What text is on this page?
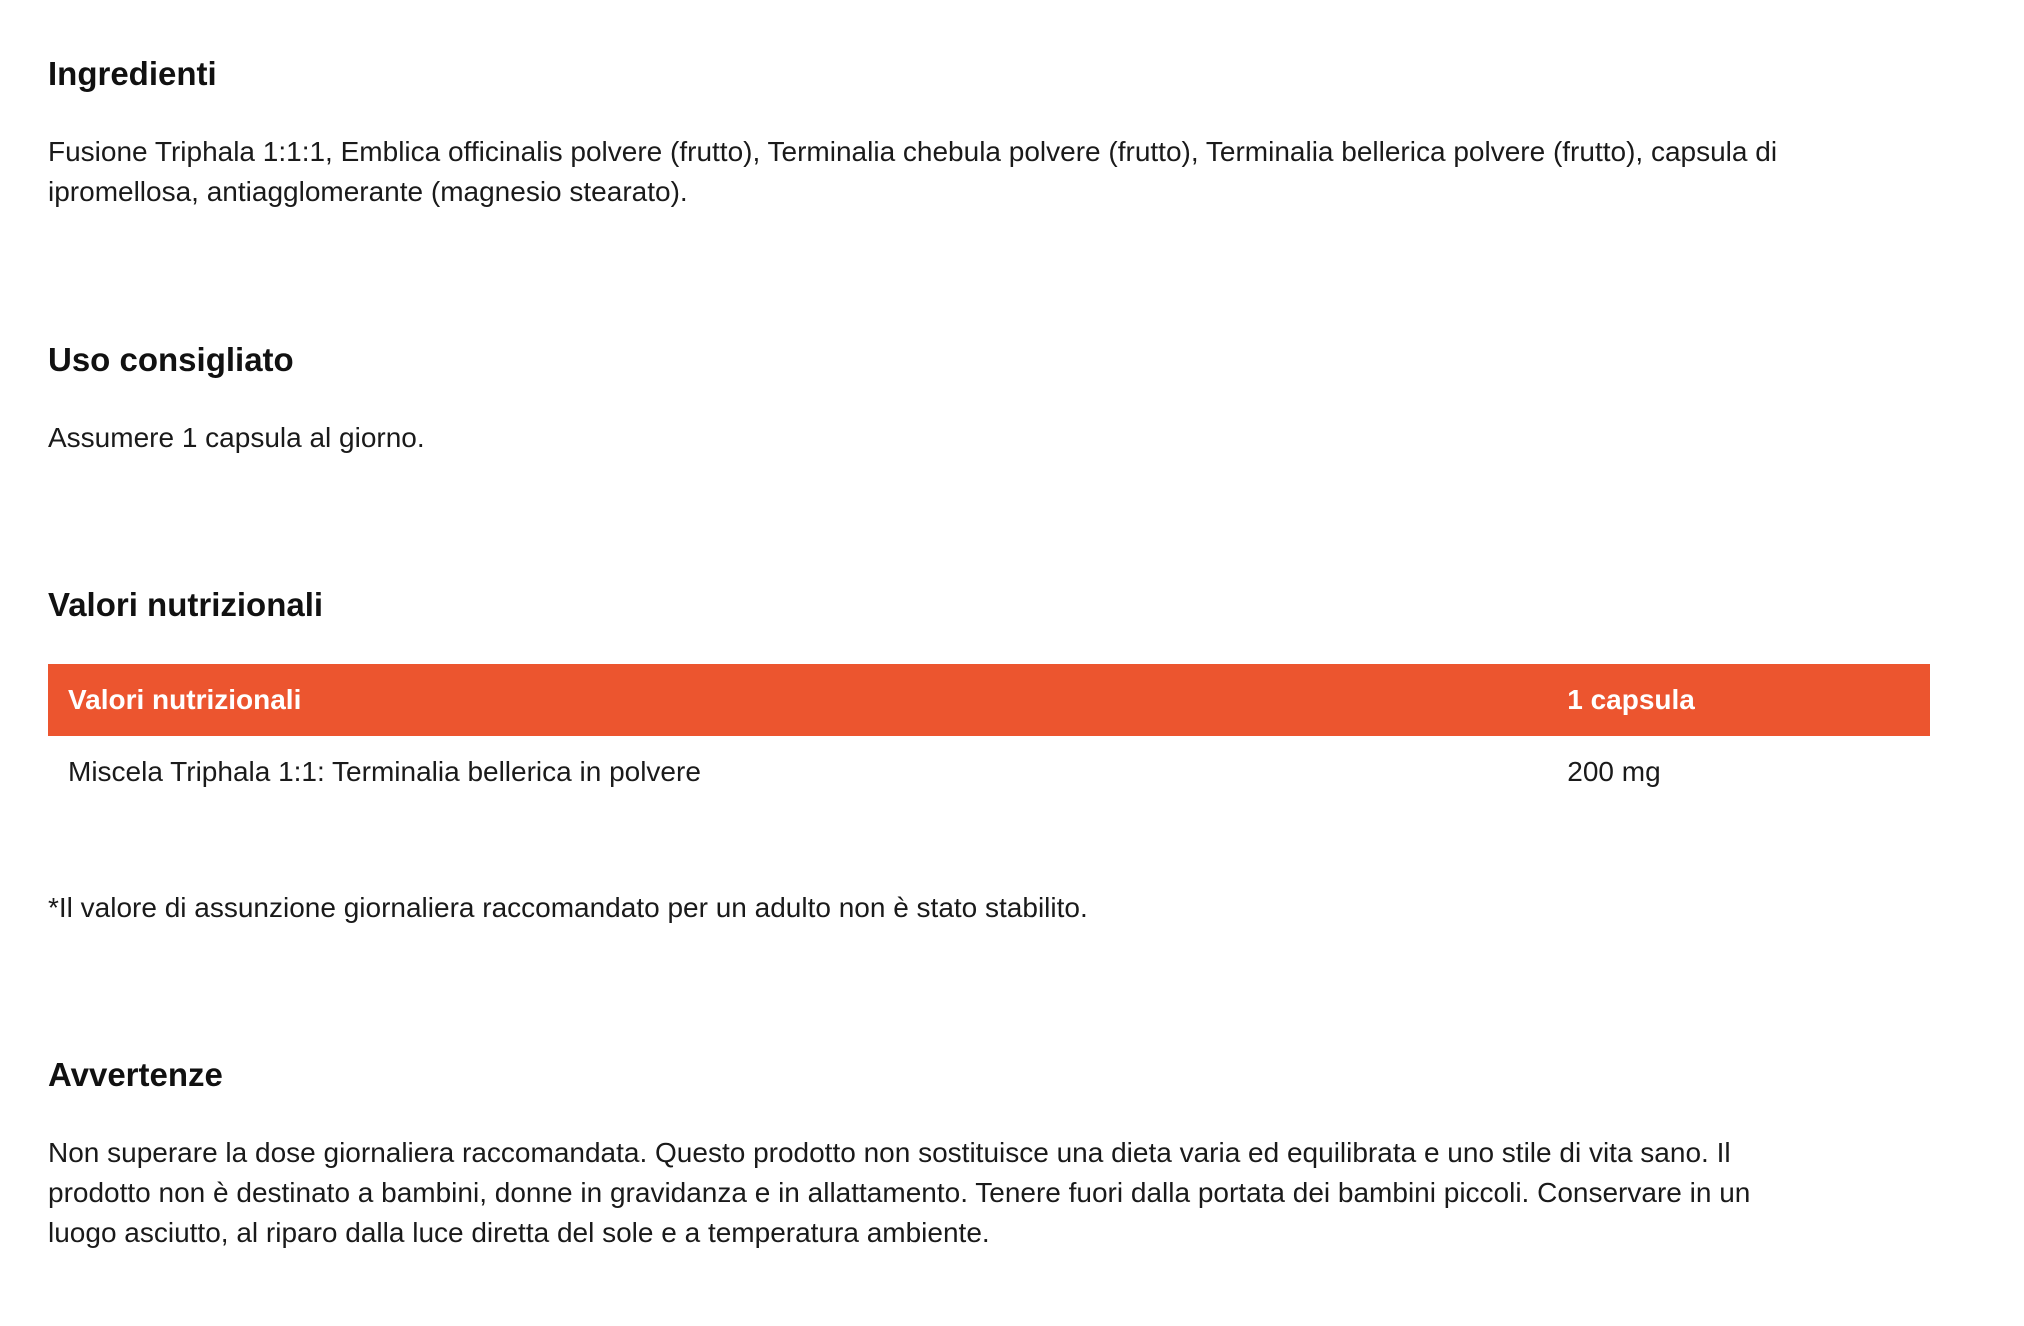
Ingredienti
Fusione Triphala 1:1:1, Emblica officinalis polvere (frutto), Terminalia chebula polvere (frutto), Terminalia bellerica polvere (frutto), capsula di
ipromellosa, antiagglomerante (magnesio stearato).
Uso consigliato
Assumere 1 capsula al giorno.
Valori nutrizionali
Valori nutrizionali	1 capsula
Miscela Triphala 1:1: Terminalia bellerica in polvere	200 mg
*Il valore di assunzione giornaliera raccomandato per un adulto non è stato stabilito.
Avvertenze
Non superare la dose giornaliera raccomandata. Questo prodotto non sostituisce una dieta varia ed equilibrata e uno stile di vita sano. Il
prodotto non è destinato a bambini, donne in gravidanza e in allattamento. Tenere fuori dalla portata dei bambini piccoli. Conservare in un
luogo asciutto, al riparo dalla luce diretta del sole e a temperatura ambiente.
